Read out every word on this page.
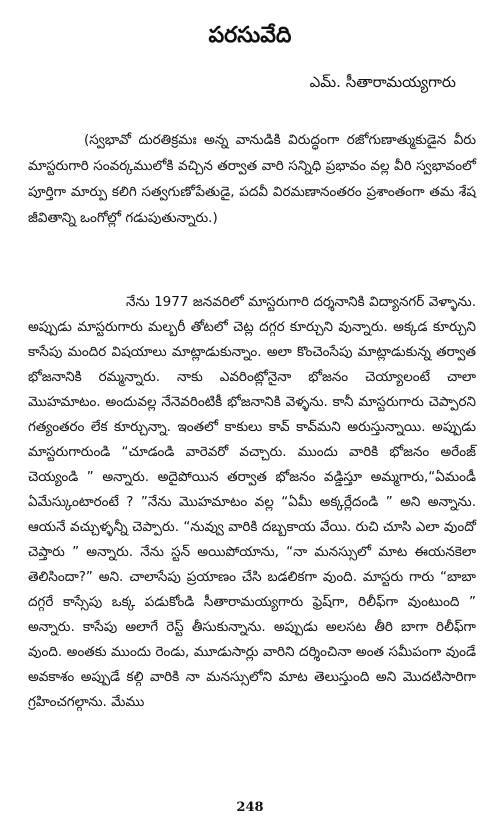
పరసువేది

ఎమ్. సీతారామయ్యగారు

(స్వభావో దురతిక్రమః అన్న వానుడికి విరుద్ధంగా రజోగుణాత్ముకుడైన వీరు మాస్టరుగారి సంవర్కములోకి వచ్చిన తర్వాత వారి సన్నిధి ప్రభావం వల్ల వీరి స్వభావంలో పూర్తిగా మార్పు కలిగి సత్వగుణోపేతుడై, పదవీ విరమణానంతరం ప్రశాంతంగా తమ శేష జీవితాన్ని ఒంగోల్లో గడుపుతున్నారు.)

నేను 1977 జనవరిలో మాస్టరుగారి దర్శనానికి విద్యానగర్ వెళ్ళాను. అప్పుడు మాస్టరుగారు మల్బరీ తోటలో చెట్ల దగ్గర కూర్చుని వున్నారు. అక్కడ కూర్చుని కాసేపు మందిర విషయాలు మాట్లాడుకున్నాం. అలా కొంచెంసేపు మాట్లాడుకున్న తర్వాత భోజనానికి రమ్మన్నారు. నాకు ఎవరింట్లోనైనా భోజనం చెయ్యాలంటే చాలా మొహమాటం. అందువల్ల నేనెవరింటికీ భోజనానికి వెళ్ళను. కానీ మాస్టరుగారు చెప్పారని గత్యంతరం లేక కూర్చున్నా. ఇంతలో కాకులు కావ్ కావ్‌మని అరుస్తున్నాయి. అప్పుడు మాస్టరుగారుండి “చూడండి వారెవరో వచ్చారు. ముందు వారికి భోజనం అరేంజ్ చెయ్యండి ” అన్నారు. అదైపోయిన తర్వాత భోజనం వడ్డిస్తూ అమ్మగారు,“ఏమండీ ఏమేస్కుంటారంటే ? ”నేను మొహమాటం వల్ల “ఏమీ అక్కర్లేదండి ” అని అన్నాను. ఆయనే వచ్చుళ్ళన్నీ చెప్పారు. “నువ్వు వారికి దబ్బకాయ వేయి. రుచి చూసి ఎలా వుందో చెప్తారు ” అన్నారు. నేను స్టన్ అయిపోయాను, “నా మనస్సులో మాట ఈయనకెలా తెలిసిందా?” అని. చాలాసేపు ప్రయాణం చేసి బడలికగా వుంది. మాస్టరు గారు “బాబా దగ్గరే కాస్సేపు ఒక్క పడుకోండి సీతారామయ్యగారు ఫ్రెష్‌గా, రిలీఫ్‌గా వుంటుంది ” అన్నారు. కాసేపు అలాగే రెస్ట్ తీసుకున్నాను. అప్పుడు అలసట తీరి బాగా రిలీఫ్‌గా వుంది. అంతకు ముందు రెండు, మూడుసార్లు వారిని దర్శించినా అంత సమీపంగా వుండే అవకాశం అప్పుడే కల్గి వారికి నా మనస్సులోని మాట తెలుస్తుంది అని మొదటిసారిగా గ్రహించగల్గాను. మేము

248
